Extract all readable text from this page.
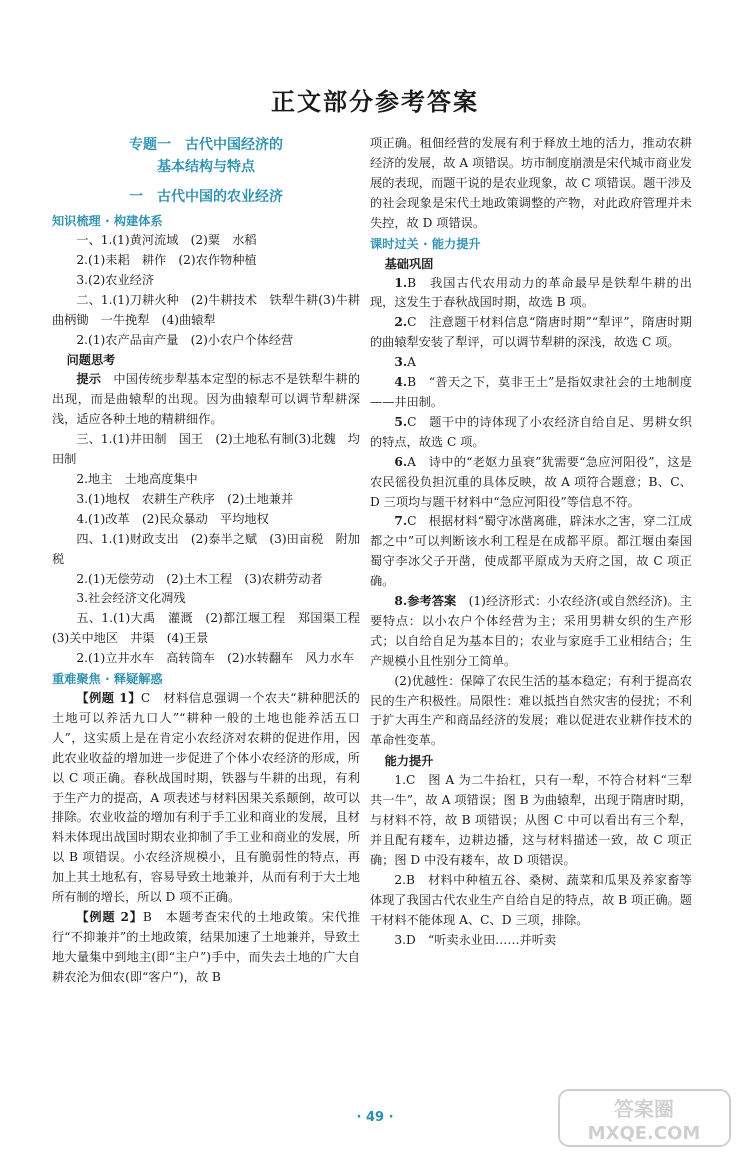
正文部分参考答案
专题一　古代中国经济的
基本结构与特点
一　古代中国的农业经济
知识梳理 · 构建体系

一、1.(1)黄河流域　(2)粟　水稻

2.(1)耒耜　耕作　(2)农作物种植

3.(2)农业经济

二、1.(1)刀耕火种　(2)牛耕技术　铁犁牛耕(3)牛耕　曲柄锄　一牛挽犁　(4)曲辕犁

2.(1)农产品亩产量　(2)小农户个体经营

问题思考

提示　 中国传统步犁基本定型的标志不是铁犁牛耕的出现，而是曲辕犁的出现。因为曲辕犁可以调节犁耕深浅，适应各种土地的精耕细作。

三、1.(1)井田制　国王　(2)土地私有制(3)北魏　均田制

2.地主　土地高度集中

3.(1)地权　农耕生产秩序　(2)土地兼并

4.(1)改革　(2)民众暴动　平均地权

四、1.(1)财政支出　(2)泰半之赋　(3)田亩税　附加税

2.(1)无偿劳动　(2)土木工程　(3)农耕劳动者

3.社会经济文化凋残

五、1.(1)大禹　灌溉　(2)都江堰工程　郑国渠工程　(3)关中地区　井渠　(4)王景

2.(1)立井水车　高转筒车　(2)水转翻车　风力水车

重难聚焦 · 释疑解惑

【例题 1】C　材料信息强调一个农夫“耕种肥沃的土地可以养活九口人”“耕种一般的土地也能养活五口人”，这实质上是在肯定小农经济对农耕的促进作用，因此农业收益的增加进一步促进了个体小农经济的形成，所以 C 项正确。春秋战国时期，铁器与牛耕的出现，有利于生产力的提高，A 项表述与材料因果关系颠倒，故可以排除。农业收益的增加有利于手工业和商业的发展，且材料未体现出战国时期农业抑制了手工业和商业的发展，所以 B 项错误。小农经济规模小，且有脆弱性的特点，再加上其土地私有，容易导致土地兼并，从而有利于大土地所有制的增长，所以 D 项不正确。

【例题 2】B　本题考查宋代的土地政策。宋代推行“不抑兼并”的土地政策，结果加速了土地兼并，导致土地大量集中到地主(即“主户”)手中，而失去土地的广大自耕农沦为佃农(即“客户”)，故 B

项正确。租佃经营的发展有利于释放土地的活力，推动农耕经济的发展，故 A 项错误。坊市制度崩溃是宋代城市商业发展的表现，而题干说的是农业现象，故 C 项错误。题干涉及的社会现象是宋代土地政策调整的产物，对此政府管理并未失控，故 D 项错误。

课时过关 · 能力提升
基础巩固

1.B　我国古代农用动力的革命最早是铁犁牛耕的出现，这发生于春秋战国时期，故选 B 项。

2.C　注意题干材料信息“隋唐时期”“犁评”，隋唐时期的曲辕犁安装了犁评，可以调节犁耕的深浅，故选 C 项。

3.A

4.B　“普天之下，莫非王土”是指奴隶社会的土地制度——井田制。

5.C　题干中的诗体现了小农经济自给自足、男耕女织的特点，故选 C 项。

6.A　诗中的“老妪力虽衰”犹需要“急应河阳役”，这是农民徭役负担沉重的具体反映，故 A 项符合题意；B、C、D 三项均与题干材料中“急应河阳役”等信息不符。

7.C　根据材料“蜀守冰凿离碓，辟沫水之害，穿二江成都之中”可以判断该水利工程是在成都平原。都江堰由秦国蜀守李冰父子开凿，使成都平原成为天府之国，故 C 项正确。

8.参考答案　 (1)经济形式：小农经济(或自然经济)。主要特点：以小农户个体经营为主；采用男耕女织的生产形式；以自给自足为基本目的；农业与家庭手工业相结合；生产规模小且性别分工简单。

(2)优越性：保障了农民生活的基本稳定；有利于提高农民的生产积极性。局限性：难以抵挡自然灾害的侵扰；不利于扩大再生产和商品经济的发展；难以促进农业耕作技术的革命性变革。

能力提升

1.C　图 A 为二牛抬杠，只有一犁，不符合材料“三犁共一牛”，故 A 项错误；图 B 为曲辕犁，出现于隋唐时期，与材料不符，故 B 项错误；从图 C 中可以看出有三个犁，并且配有耧车，边耕边播，这与材料描述一致，故 C 项正确；图 D 中没有耧车，故 D 项错误。

2.B　材料中种植五谷、桑树、蔬菜和瓜果及养家畜等体现了我国古代农业生产自给自足的特点，故 B 项正确。题干材料不能体现 A、C、D 三项，排除。

3.D　“听卖永业田……并听卖

· 49 ·	答案圈
MXQE.COM
